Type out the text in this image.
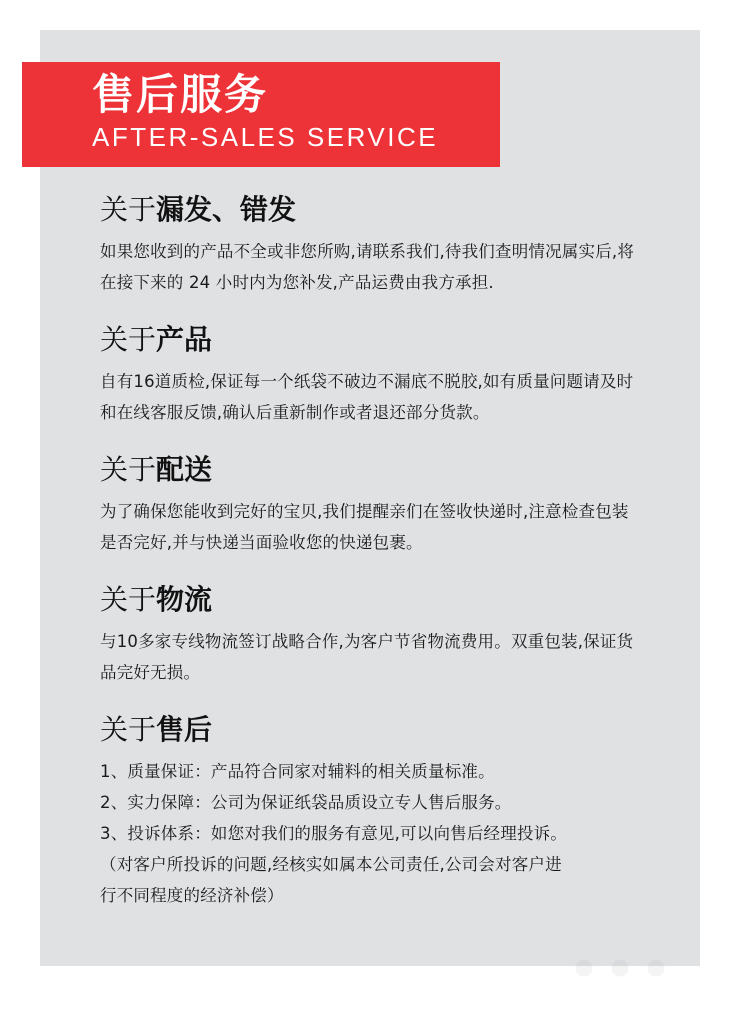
售后服务
AFTER-SALES SERVICE
关于漏发、错发

如果您收到的产品不全或非您所购,请联系我们,待我们查明情况属实后,将在接下来的 24 小时内为您补发,产品运费由我方承担.

关于产品

自有16道质检,保证每一个纸袋不破边不漏底不脱胶,如有质量问题请及时和在线客服反馈,确认后重新制作或者退还部分货款。

关于配送

为了确保您能收到完好的宝贝,我们提醒亲们在签收快递时,注意检查包装是否完好,并与快递当面验收您的快递包裹。

关于物流

与10多家专线物流签订战略合作,为客户节省物流费用。双重包装,保证货品完好无损。

关于售后

1、质量保证：产品符合同家对辅料的相关质量标准。

2、实力保障：公司为保证纸袋品质设立专人售后服务。

3、投诉体系：如您对我们的服务有意见,可以向售后经理投诉。

（对客户所投诉的问题,经核实如属本公司责任,公司会对客户进

行不同程度的经济补偿）
